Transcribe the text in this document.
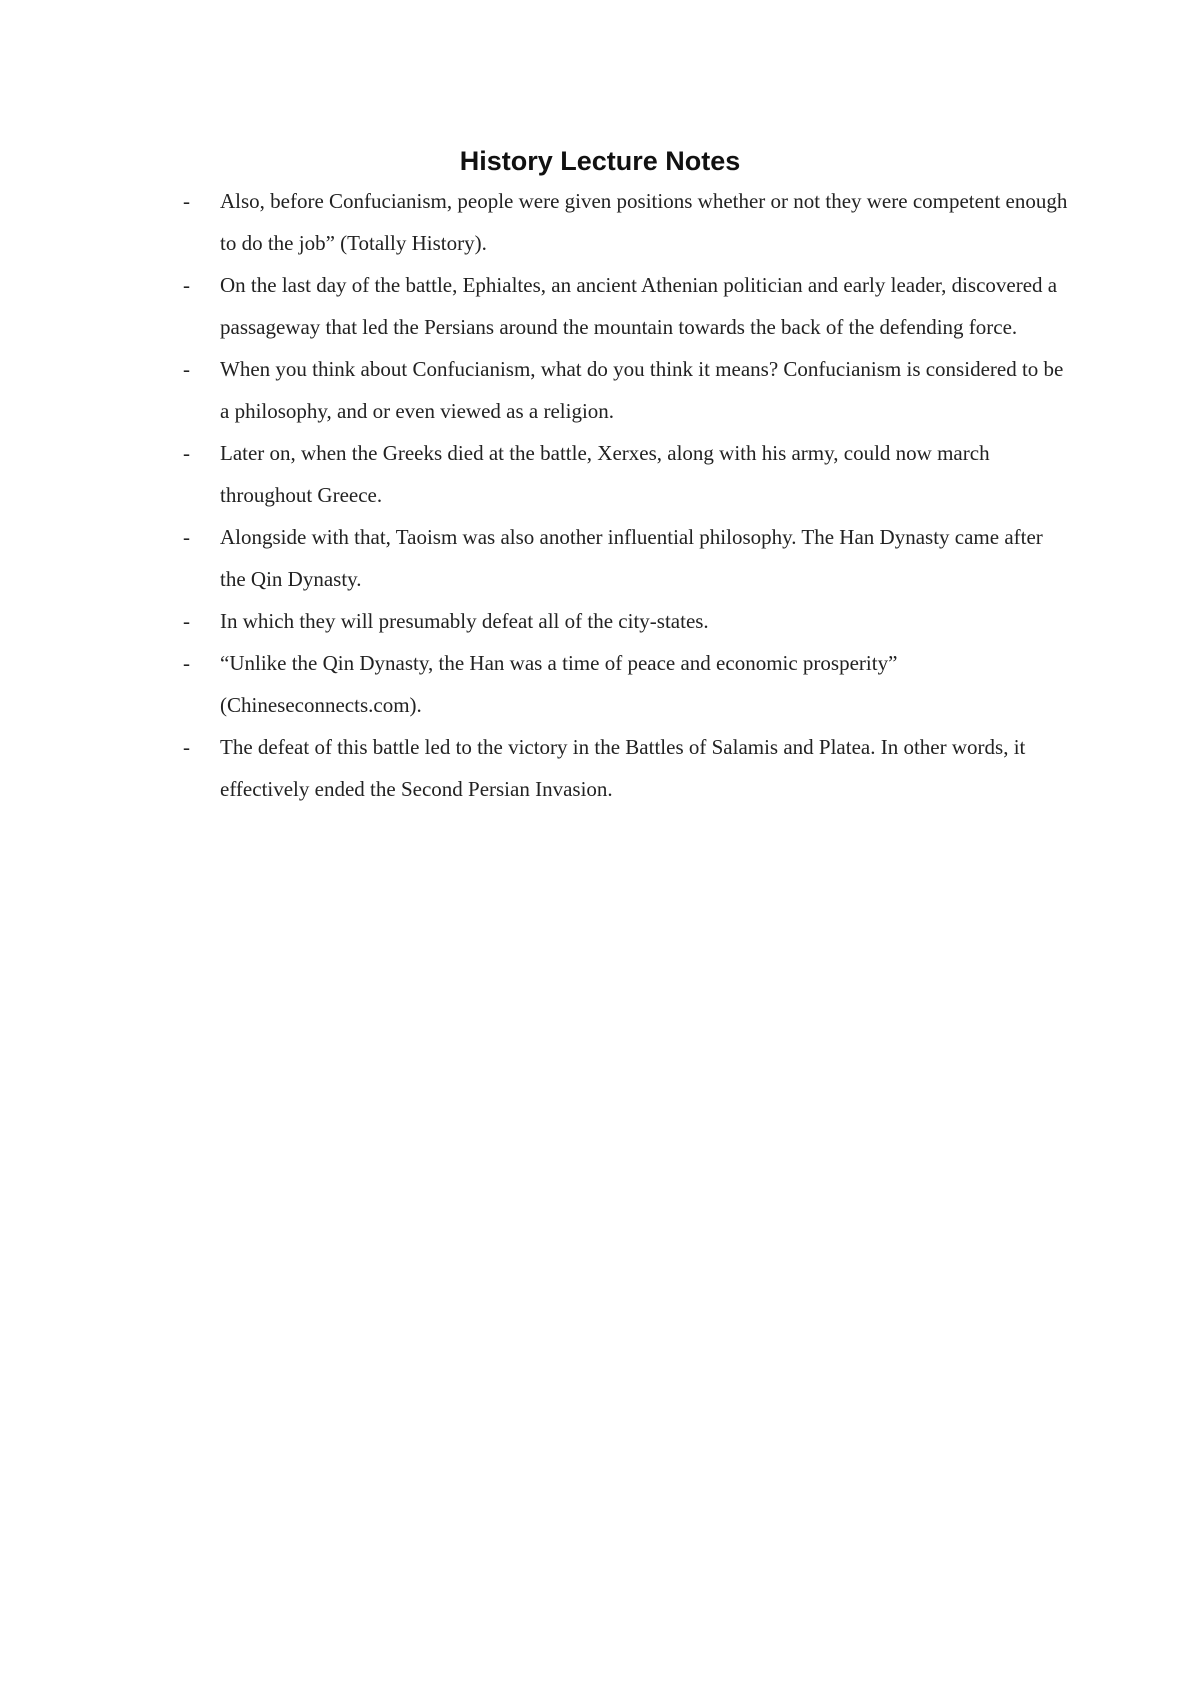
History Lecture Notes
- Also, before Confucianism, people were given positions whether or not they were competent enough to do the job” (Totally History).
- On the last day of the battle, Ephialtes, an ancient Athenian politician and early leader, discovered a passageway that led the Persians around the mountain towards the back of the defending force.
- When you think about Confucianism, what do you think it means? Confucianism is considered to be a philosophy, and or even viewed as a religion.
- Later on, when the Greeks died at the battle, Xerxes, along with his army, could now march throughout Greece.
- Alongside with that, Taoism was also another influential philosophy. The Han Dynasty came after the Qin Dynasty.
- In which they will presumably defeat all of the city-states.
- “Unlike the Qin Dynasty, the Han was a time of peace and economic prosperity” (Chineseconnects.com).
- The defeat of this battle led to the victory in the Battles of Salamis and Platea. In other words, it effectively ended the Second Persian Invasion.
